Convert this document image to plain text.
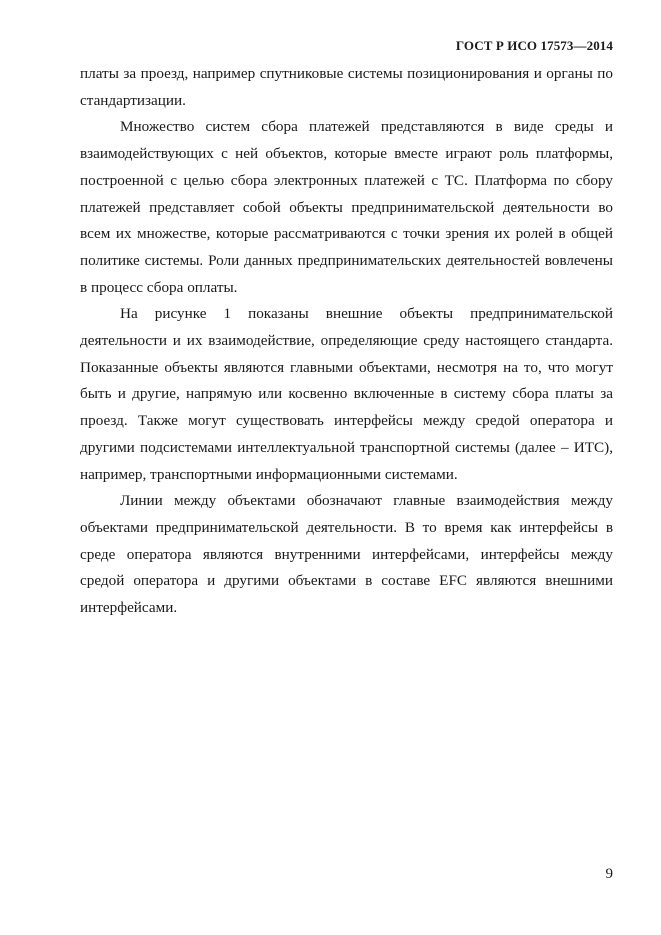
ГОСТ Р ИСО 17573—2014

платы за проезд, например спутниковые системы позиционирования и органы по стандартизации.

Множество систем сбора платежей представляются в виде среды и взаимодействующих с ней объектов, которые вместе играют роль платформы, построенной с целью сбора электронных платежей с ТС. Платформа по сбору платежей представляет собой объекты предпринимательской деятельности во всем их множестве, которые рассматриваются с точки зрения их ролей в общей политике системы. Роли данных предпринимательских деятельностей вовлечены в процесс сбора оплаты.

На рисунке 1 показаны внешние объекты предпринимательской деятельности и их взаимодействие, определяющие среду настоящего стандарта. Показанные объекты являются главными объектами, несмотря на то, что могут быть и другие, напрямую или косвенно включенные в систему сбора платы за проезд. Также могут существовать интерфейсы между средой оператора и другими подсистемами интеллектуальной транспортной системы (далее – ИТС), например, транспортными информационными системами.

Линии между объектами обозначают главные взаимодействия между объектами предпринимательской деятельности. В то время как интерфейсы в среде оператора являются внутренними интерфейсами, интерфейсы между средой оператора и другими объектами в составе EFC являются внешними интерфейсами.

9
